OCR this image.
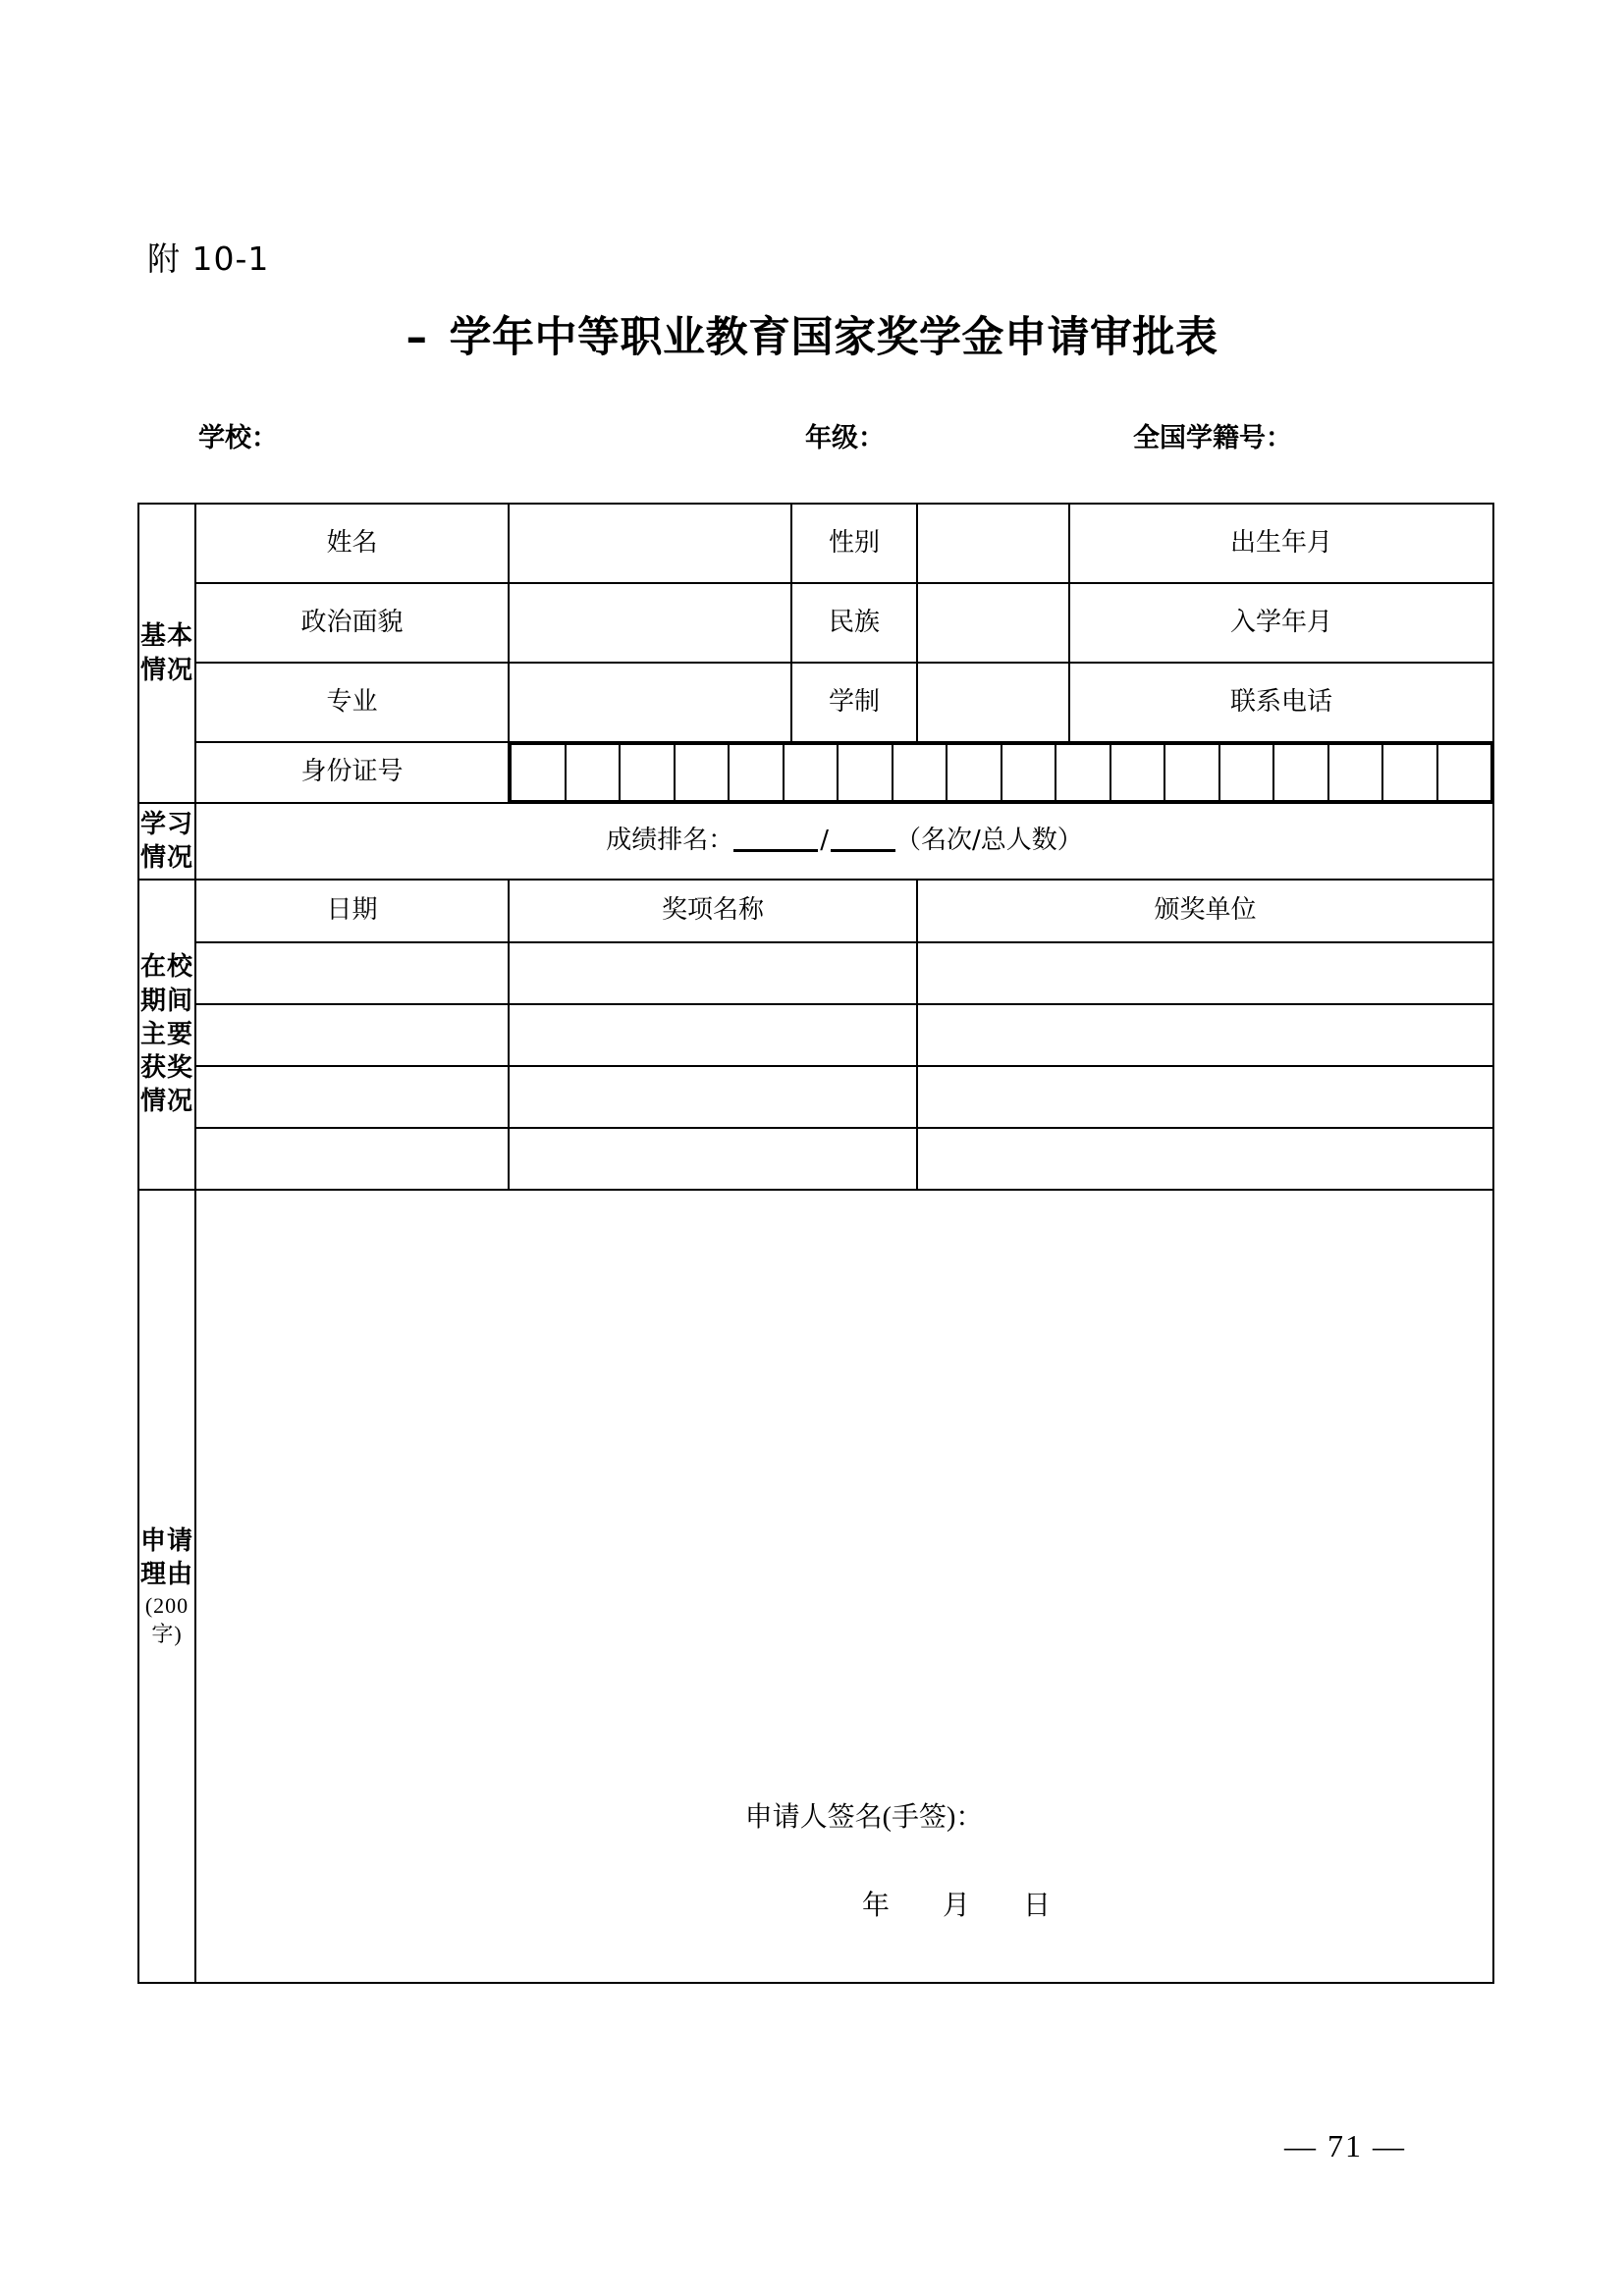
附 10-1
– 学年中等职业教育国家奖学金申请审批表
学校：	年级：	全国学籍号：
基本
情况
	姓名		性别		出生年月	
政治面貌		民族		入学年月	
专业		学制		联系电话	
身份证号	

学习
情况
	成绩排名：	/	（名次/总人数）

在校
期间
主要
获奖
情况
	日期	奖项名称	颁奖单位

申请
理由
(200
字)

申请人签名(手签)：
年 月 日
— 71 —
